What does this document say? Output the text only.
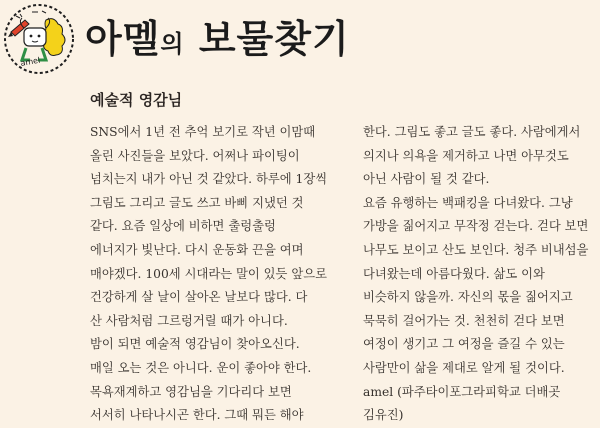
amel
아멜의 보물찾기
예술적 영감님
SNS에서 1년 전 추억 보기로 작년 이맘때
올린 사진들을 보았다. 어쩌나 파이팅이
넘치는지 내가 아닌 것 같았다. 하루에 1장씩
그림도 그리고 글도 쓰고 바삐 지냈던 것
같다. 요즘 일상에 비하면 출렁출렁
에너지가 빛난다. 다시 운동화 끈을 여며
매야겠다. 100세 시대라는 말이 있듯 앞으로
건강하게 살 날이 살아온 날보다 많다. 다
산 사람처럼 그르렁거릴 때가 아니다.
밤이 되면 예술적 영감님이 찾아오신다.
매일 오는 것은 아니다. 운이 좋아야 한다.
목욕재계하고 영감님을 기다리다 보면
서서히 나타나시곤 한다. 그때 뭐든 해야
한다. 그림도 좋고 글도 좋다. 사람에게서
의지나 의욕을 제거하고 나면 아무것도
아닌 사람이 될 것 같다.
요즘 유행하는 백패킹을 다녀왔다. 그냥
가방을 짊어지고 무작정 걷는다. 걷다 보면
나무도 보이고 산도 보인다. 청주 비내섬을
다녀왔는데 아름다웠다. 삶도 이와
비슷하지 않을까. 자신의 몫을 짊어지고
묵묵히 걸어가는 것. 천천히 걷다 보면
여정이 생기고 그 여정을 즐길 수 있는
사람만이 삶을 제대로 알게 될 것이다.
amel (파주타이포그라피학교 더배곳
김유진)
